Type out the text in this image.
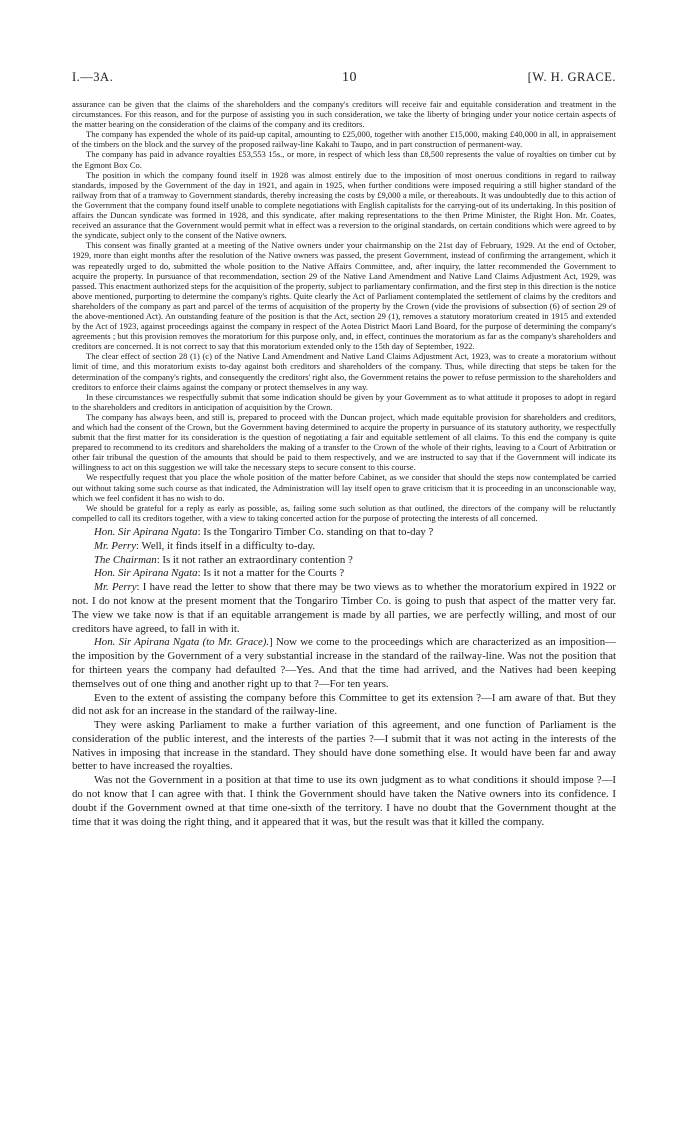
I.—3A.	10	[W. H. GRACE.

assurance can be given that the claims of the shareholders and the company's creditors will receive fair and equitable consideration and treatment in the circumstances. For this reason, and for the purpose of assisting you in such consideration, we take the liberty of bringing under your notice certain aspects of the matter bearing on the consideration of the claims of the company and its creditors.

The company has expended the whole of its paid-up capital, amounting to £25,000, together with another £15,000, making £40,000 in all, in appraisement of the timbers on the block and the survey of the proposed railway-line Kakahi to Taupo, and in part construction of permanent-way.

The company has paid in advance royalties £53,553 15s., or more, in respect of which less than £8,500 represents the value of royalties on timber cut by the Egmont Box Co.

The position in which the company found itself in 1928 was almost entirely due to the imposition of most onerous conditions in regard to railway standards, imposed by the Government of the day in 1921, and again in 1925, when further conditions were imposed requiring a still higher standard of the railway from that of a tramway to Government standards, thereby increasing the costs by £9,000 a mile, or thereabouts. It was undoubtedly due to this action of the Government that the company found itself unable to complete negotiations with English capitalists for the carrying-out of its undertaking. In this position of affairs the Duncan syndicate was formed in 1928, and this syndicate, after making representations to the then Prime Minister, the Right Hon. Mr. Coates, received an assurance that the Government would permit what in effect was a reversion to the original standards, on certain conditions which were agreed to by the syndicate, subject only to the consent of the Native owners.

This consent was finally granted at a meeting of the Native owners under your chairmanship on the 21st day of February, 1929. At the end of October, 1929, more than eight months after the resolution of the Native owners was passed, the present Government, instead of confirming the arrangement, which it was repeatedly urged to do, submitted the whole position to the Native Affairs Committee, and, after inquiry, the latter recommended the Government to acquire the property. In pursuance of that recommendation, section 29 of the Native Land Amendment and Native Land Claims Adjustment Act, 1929, was passed. This enactment authorized steps for the acquisition of the property, subject to parliamentary confirmation, and the first step in this direction is the notice above mentioned, purporting to determine the company's rights. Quite clearly the Act of Parliament contemplated the settlement of claims by the creditors and shareholders of the company as part and parcel of the terms of acquisition of the property by the Crown (vide the provisions of subsection (6) of section 29 of the above-mentioned Act). An outstanding feature of the position is that the Act, section 29 (1), removes a statutory moratorium created in 1915 and extended by the Act of 1923, against proceedings against the company in respect of the Aotea District Maori Land Board, for the purpose of determining the company's agreements ; but this provision removes the moratorium for this purpose only, and, in effect, continues the moratorium as far as the company's shareholders and creditors are concerned. It is not correct to say that this moratorium extended only to the 15th day of September, 1922.

The clear effect of section 28 (1) (c) of the Native Land Amendment and Native Land Claims Adjustment Act, 1923, was to create a moratorium without limit of time, and this moratorium exists to-day against both creditors and shareholders of the company. Thus, while directing that steps be taken for the determination of the company's rights, and consequently the creditors' right also, the Government retains the power to refuse permission to the shareholders and creditors to enforce their claims against the company or protect themselves in any way.

In these circumstances we respectfully submit that some indication should be given by your Government as to what attitude it proposes to adopt in regard to the shareholders and creditors in anticipation of acquisition by the Crown.

The company has always been, and still is, prepared to proceed with the Duncan project, which made equitable provision for shareholders and creditors, and which had the consent of the Crown, but the Government having determined to acquire the property in pursuance of its statutory authority, we respectfully submit that the first matter for its consideration is the question of negotiating a fair and equitable settlement of all claims. To this end the company is quite prepared to recommend to its creditors and shareholders the making of a transfer to the Crown of the whole of their rights, leaving to a Court of Arbitration or other fair tribunal the question of the amounts that should be paid to them respectively, and we are instructed to say that if the Government will indicate its willingness to act on this suggestion we will take the necessary steps to secure consent to this course.

We respectfully request that you place the whole position of the matter before Cabinet, as we consider that should the steps now contemplated be carried out without taking some such course as that indicated, the Administration will lay itself open to grave criticism that it is proceeding in an unconscionable way, which we feel confident it has no wish to do.

We should be grateful for a reply as early as possible, as, failing some such solution as that outlined, the directors of the company will be reluctantly compelled to call its creditors together, with a view to taking concerted action for the purpose of protecting the interests of all concerned.

Hon. Sir Apirana Ngata: Is the Tongariro Timber Co. standing on that to-day ?

Mr. Perry: Well, it finds itself in a difficulty to-day.

The Chairman: Is it not rather an extraordinary contention ?

Hon. Sir Apirana Ngata: Is it not a matter for the Courts ?

Mr. Perry: I have read the letter to show that there may be two views as to whether the moratorium expired in 1922 or not. I do not know at the present moment that the Tongariro Timber Co. is going to push that aspect of the matter very far. The view we take now is that if an equitable arrangement is made by all parties, we are perfectly willing, and most of our creditors have agreed, to fall in with it.

Hon. Sir Apirana Ngata (to Mr. Grace).] Now we come to the proceedings which are characterized as an imposition—the imposition by the Government of a very substantial increase in the standard of the railway-line. Was not the position that for thirteen years the company had defaulted ?—Yes. And that the time had arrived, and the Natives had been keeping themselves out of one thing and another right up to that ?—For ten years.

Even to the extent of assisting the company before this Committee to get its extension ?—I am aware of that. But they did not ask for an increase in the standard of the railway-line.

They were asking Parliament to make a further variation of this agreement, and one function of Parliament is the consideration of the public interest, and the interests of the parties ?—I submit that it was not acting in the interests of the Natives in imposing that increase in the standard. They should have done something else. It would have been far and away better to have increased the royalties.

Was not the Government in a position at that time to use its own judgment as to what conditions it should impose ?—I do not know that I can agree with that. I think the Government should have taken the Native owners into its confidence. I doubt if the Government owned at that time one-sixth of the territory. I have no doubt that the Government thought at the time that it was doing the right thing, and it appeared that it was, but the result was that it killed the company.
